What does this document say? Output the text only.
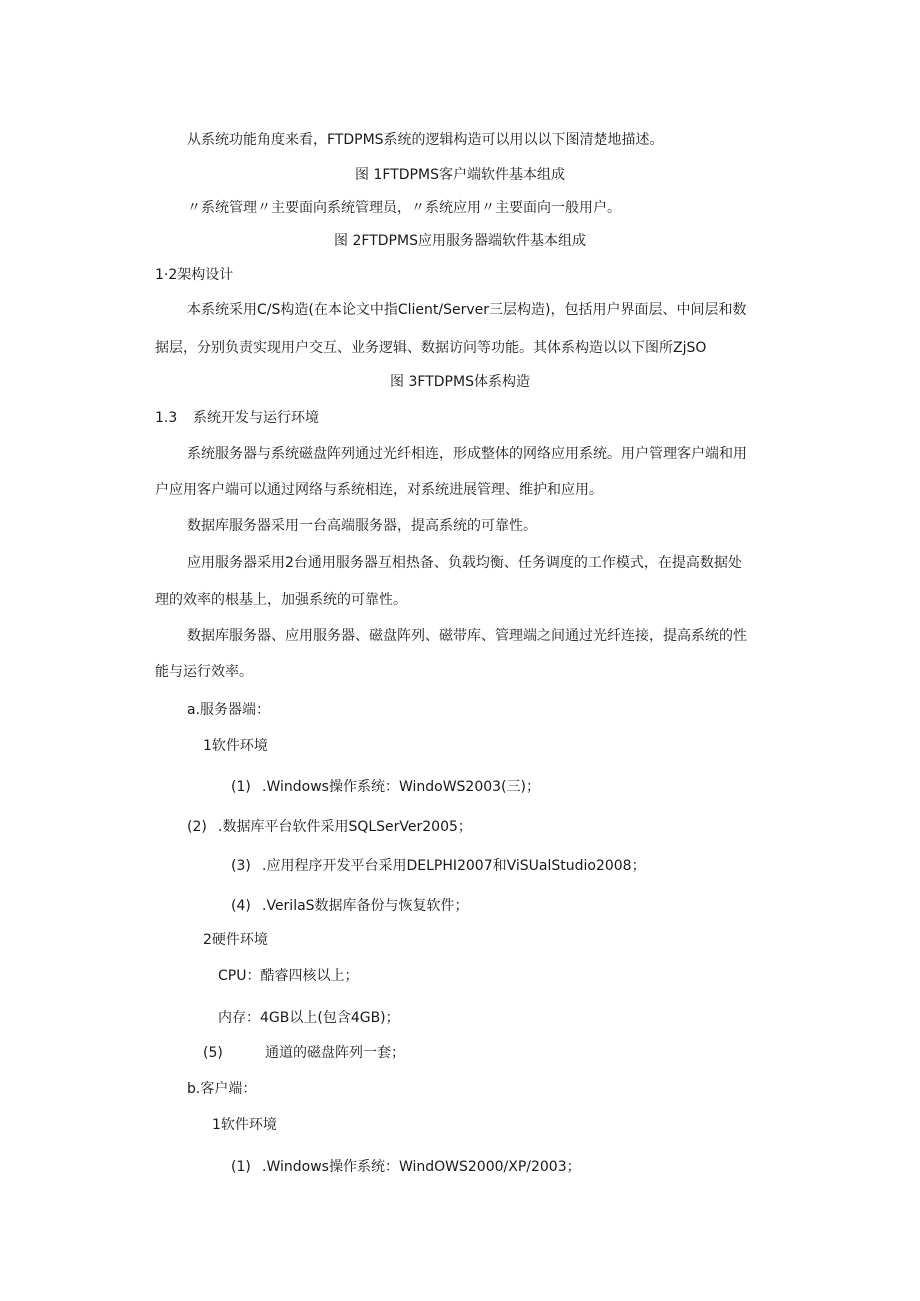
从系统功能角度来看，FTDPMS系统的逻辑构造可以用以以下图清楚地描述。
图 1FTDPMS客户端软件基本组成
〃系统管理〃主要面向系统管理员，〃系统应用〃主要面向一般用户。
图 2FTDPMS应用服务器端软件基本组成
1·2架构设计
本系统采用C/S构造(在本论文中指Client/Server三层构造)，包括用户界面层、中间层和数
据层，分别负责实现用户交互、业务逻辑、数据访问等功能。其体系构造以以下图所ZjSO
图 3FTDPMS体系构造
1.3 系统开发与运行环境
系统服务器与系统磁盘阵列通过光纤相连，形成整体的网络应用系统。用户管理客户端和用
户应用客户端可以通过网络与系统相连，对系统进展管理、维护和应用。
数据库服务器采用一台高端服务器，提高系统的可靠性。
应用服务器采用2台通用服务器互相热备、负载均衡、任务调度的工作模式，在提高数据处
理的效率的根基上，加强系统的可靠性。
数据库服务器、应用服务器、磁盘阵列、磁带库、管理端之间通过光纤连接，提高系统的性
能与运行效率。
a.服务器端：
1软件环境
(1) .Windows操作系统：WindoWS2003(三)；
(2) .数据库平台软件采用SQLSerVer2005；
(3) .应用程序开发平台采用DELPHI2007和ViSUalStudio2008；
(4) .VerilaS数据库备份与恢复软件；
2硬件环境
CPU：酷睿四核以上；
内存：4GB以上(包含4GB)；
(5)	通道的磁盘阵列一套；
b.客户端：
1软件环境
(1) .Windows操作系统：WindOWS2000/XP/2003；
